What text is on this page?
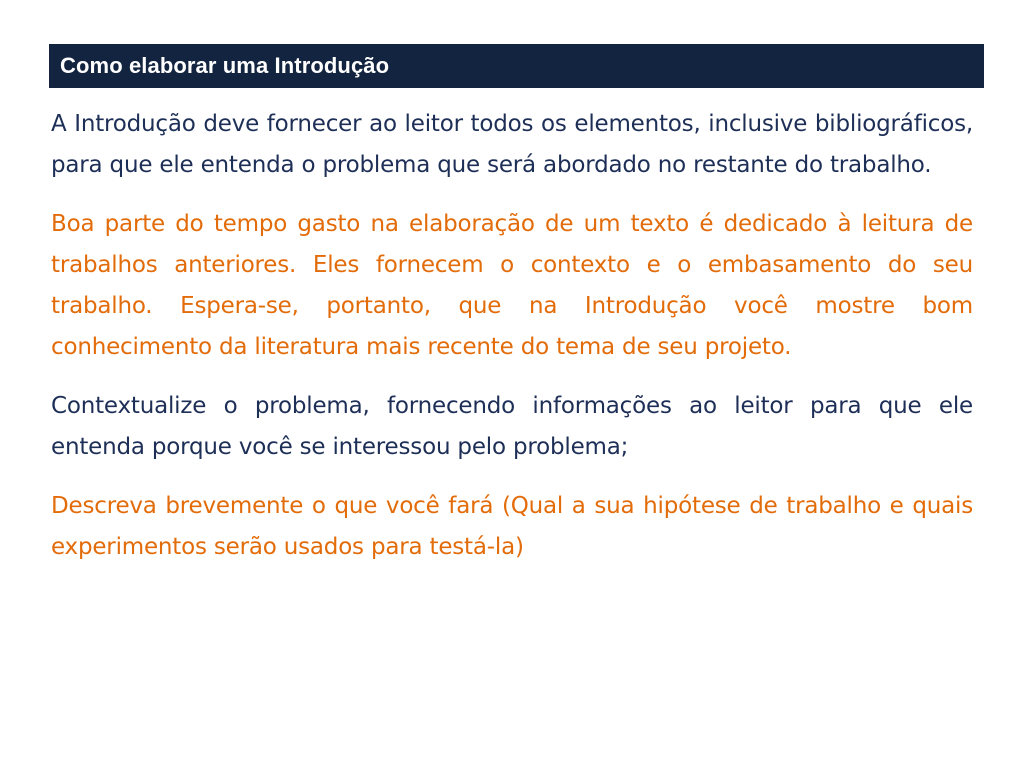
Como elaborar uma Introdução

A Introdução deve fornecer ao leitor todos os elementos, inclusive bibliográficos, para que ele entenda o problema que será abordado no restante do trabalho.

Boa parte do tempo gasto na elaboração de um texto é dedicado à leitura de trabalhos anteriores. Eles fornecem o contexto e o embasamento do seu trabalho. Espera-se, portanto, que na Introdução você mostre bom conhecimento da literatura mais recente do tema de seu projeto.

Contextualize o problema, fornecendo informações ao leitor para que ele entenda porque você se interessou pelo problema;

Descreva brevemente o que você fará (Qual a sua hipótese de trabalho e quais experimentos serão usados para testá-la)
